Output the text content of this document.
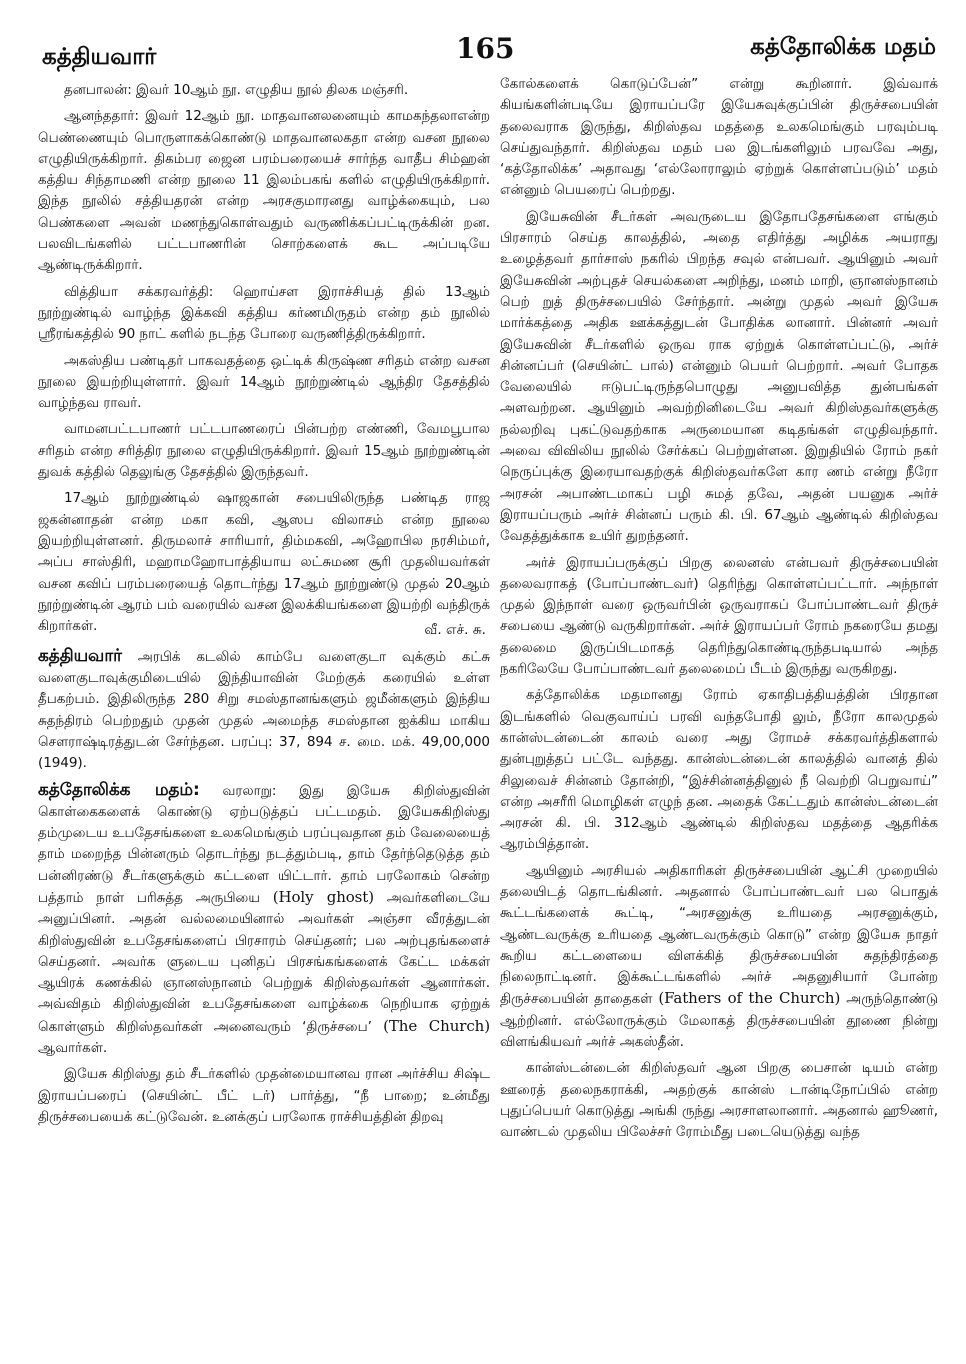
கத்தியவார்	165	கத்தோலிக்க மதம்

தனபாலன்: இவர் 10ஆம் நூ. எழுதிய நூல் திலக மஞ்சரி.

ஆனந்ததார்: இவர் 12ஆம் நூ. மாதவானலனையும் காமகந்தலாஎன்ற பெண்ணையும் பொருளாகக்கொண்டு மாதவானலகதா என்ற வசன நூலை எழுதியிருக்கிறார். திகம்பர ஜைன பரம்பரையைச் சார்ந்த வாதீப சிம்ஹன் கத்திய சிந்தாமணி என்ற நூலை 11 இலம்பகங் களில் எழுதியிருக்கிறார். இந்த நூலில் சத்தியதரன் என்ற அரசகுமாரனது வாழ்க்கையும், பல பெண்களை அவன் மணந்துகொள்வதும் வருணிக்கப்பட்டிருக்கின் றன. பலவிடங்களில் பட்டபாணரின் சொற்களைக் கூட அப்படியே ஆண்டிருக்கிறார்.

வித்தியா சக்கரவர்த்தி: ஹொய்சள இராச்சியத் தில் 13ஆம் நூற்றுண்டில் வாழ்ந்த இக்கவி கத்திய கர்ணமிருதம் என்ற தம் நூலில் ஸ்ரீரங்கத்தில் 90 நாட் களில் நடந்த போரை வருணித்திருக்கிறார்.

அகஸ்திய பண்டிதர் பாகவதத்தை ஒட்டிக் கிருஷ்ண சரிதம் என்ற வசன நூலை இயற்றியுள்ளார். இவர் 14ஆம் நூற்றுண்டில் ஆந்திர தேசத்தில் வாழ்ந்தவ ராவர்.

வாமனபட்டபாணர் பட்டபாணரைப் பின்பற்ற எண்ணி, வேமபூபால சரிதம் என்ற சரித்திர நூலை எழுதியிருக்கிறார். இவர் 15ஆம் நூற்றுண்டின் துவக் கத்தில் தெலுங்கு தேசத்தில் இருந்தவர்.

17ஆம் நூற்றுண்டில் ஷாஜகான் சபையிலிருந்த பண்டித ராஜ ஜகன்னாதன் என்ற மகா கவி, ஆஸப விலாசம் என்ற நூலை இயற்றியுள்ளனர். திருமலாச் சாரியார், திம்மகவி, அஹோபில நரசிம்மர், அப்ப சாஸ்திரி, மஹாமஹோபாத்தியாய லட்சுமண சூரி முதலியவர்கள் வசன கவிப் பரம்பரையைத் தொடர்ந்து 17ஆம் நூற்றுண்டு முதல் 20ஆம் நூற்றுண்டின் ஆரம் பம் வரையில் வசன இலக்கியங்களை இயற்றி வந்திருக் கிறார்கள்.	வீ. எச். சு.

கத்தியவார் அரபிக் கடலில் காம்பே வளைகுடா வுக்கும் கட்சு வளைகுடாவுக்குமிடையில் இந்தியாவின் மேற்குக் கரையில் உள்ள தீபகற்பம். இதிலிருந்த 280 சிறு சமஸ்தானங்களும் ஜமீன்களும் இந்திய சுதந்திரம் பெற்றதும் முதன் முதல் அமைந்த சமஸ்தான ஐக்கிய மாகிய சௌராஷ்டிரத்துடன் சேர்ந்தன. பரப்பு: 37, 894 ச. மை. மக். 49,00,000 (1949).

கத்தோலிக்க மதம்: வரலாறு: இது இயேசு கிறிஸ்துவின் கொள்கைகளைக் கொண்டு ஏற்படுத்தப் பட்டமதம். இயேசுகிறிஸ்து தம்முடைய உபதேசங்களை உலகமெங்கும் பரப்புவதான தம் வேலையைத் தாம் மறைந்த பின்னரும் தொடர்ந்து நடத்தும்படி, தாம் தேர்ந்தெடுத்த தம் பன்னிரண்டு சீடர்களுக்கும் கட்டளை யிட்டார். தாம் பரலோகம் சென்ற பத்தாம் நாள் பரிசுத்த அருபியை (Holy ghost) அவர்களிடையே அனுப்பினர். அதன் வல்லமையினால் அவர்கள் அஞ்சா வீரத்துடன் கிறிஸ்துவின் உபதேசங்களைப் பிரசாரம் செய்தனர்; பல அற்புதங்களைச் செய்தனர். அவர்க ளுடைய புனிதப் பிரசங்கங்களைக் கேட்ட மக்கள் ஆயிரக் கணக்கில் ஞானஸ்நானம் பெற்றுக் கிறிஸ்தவர்கள் ஆனார்கள். அவ்விதம் கிறிஸ்துவின் உபதேசங்களை வாழ்க்கை நெறியாக ஏற்றுக் கொள்ளும் கிறிஸ்தவர்கள் அனைவரும் ‘திருச்சபை’ (The Church) ஆவார்கள்.

இயேசு கிறிஸ்து தம் சீடர்களில் முதன்மையானவ ரான அர்ச்சிய சிஷ்ட இராயப்பரைப் (செயின்ட் பீட் டர்) பார்த்து, “நீ பாறை; உன்மீது திருச்சபையைக் கட்டுவேன். உனக்குப் பரலோக ராச்சியத்தின் திறவு

கோல்களைக் கொடுப்பேன்” என்று கூறினார். இவ்வாக் கியங்களின்படியே இராயப்பரே இயேசுவுக்குப்பின் திருச்சபையின் தலைவராக இருந்து, கிறிஸ்தவ மதத்தை உலகமெங்கும் பரவும்படி செய்துவந்தார். கிறிஸ்தவ மதம் பல இடங்களிலும் பரவவே அது, ‘கத்தோலிக்க’ அதாவது ‘எல்லோராலும் ஏற்றுக் கொள்ளப்படும்’ மதம் என்னும் பெயரைப் பெற்றது.

இயேசுவின் சீடர்கள் அவருடைய இதோபதேசங்களை எங்கும் பிரசாரம் செய்த காலத்தில், அதை எதிர்த்து அழிக்க அயராது உழைத்தவர் தார்சாஸ் நகரில் பிறந்த சவுல் என்பவர். ஆயினும் அவர் இயேசுவின் அற்புதச் செயல்களை அறிந்து, மனம் மாறி, ஞானஸ்நானம் பெற் றுத் திருச்சபையில் சேர்ந்தார். அன்று முதல் அவர் இயேசு மார்க்கத்தை அதிக ஊக்கத்துடன் போதிக்க லானார். பின்னர் அவர் இயேசுவின் சீடர்களில் ஒருவ ராக ஏற்றுக் கொள்ளப்பட்டு, அர்ச் சின்னப்பர் (செயின்ட் பால்) என்னும் பெயர் பெற்றார். அவர் போதக வேலையில் ஈடுபட்டிருந்தபொழுது அனுபவித்த துன்பங்கள் அளவற்றன. ஆயினும் அவற்றினிடையே அவர் கிறிஸ்தவர்களுக்கு நல்லறிவு புகட்டுவதற்காக அருமையான கடிதங்கள் எழுதிவந்தார். அவை விவிலிய நூலில் சேர்க்கப் பெற்றுள்ளன. இறுதியில் ரோம் நகர் நெருப்புக்கு இரையாவதற்குக் கிறிஸ்தவர்களே கார ணம் என்று நீரோ அரசன் அபாண்டமாகப் பழி சுமத் தவே, அதன் பயனுக அர்ச் இராயப்பரும் அர்ச் சின்னப் பரும் கி. பி. 67ஆம் ஆண்டில் கிறிஸ்தவ வேதத்துக்காக உயிர் துறந்தனர்.

அர்ச் இராயப்பருக்குப் பிறகு லைனஸ் என்பவர் திருச்சபையின் தலைவராகத் (போப்பாண்டவர்) தெரிந்து கொள்ளப்பட்டார். அந்நாள் முதல் இந்நாள் வரை ஒருவர்பின் ஒருவராகப் போப்பாண்டவர் திருச் சபையை ஆண்டு வருகிறார்கள். அர்ச் இராயப்பர் ரோம் நகரையே தமது தலைமை இருப்பிடமாகத் தெரிந்துகொண்டிருந்தபடியால் அந்த நகரிலேயே போப்பாண்டவர் தலைமைப் பீடம் இருந்து வருகிறது.

கத்தோலிக்க மதமானது ரோம் ஏகாதிபத்தியத்தின் பிரதான இடங்களில் வெகுவாய்ப் பரவி வந்தபோதி லும், நீரோ காலமுதல் கான்ஸ்டன்டைன் காலம் வரை அது ரோமச் சக்கரவர்த்திகளால் துன்புறுத்தப் பட்டே வந்தது. கான்ஸ்டன்டைன் காலத்தில் வானத் தில் சிலுவைச் சின்னம் தோன்றி, “இச்சின்னத்தினுல் நீ வெற்றி பெறுவாய்” என்ற அசரீரி மொழிகள் எழுந் தன. அதைக் கேட்டதும் கான்ஸ்டன்டைன் அரசன் கி. பி. 312ஆம் ஆண்டில் கிறிஸ்தவ மதத்தை ஆதரிக்க ஆரம்பித்தான்.

ஆயினும் அரசியல் அதிகாரிகள் திருச்சபையின் ஆட்சி முறையில் தலையிடத் தொடங்கினர். அதனால் போப்பாண்டவர் பல பொதுக் கூட்டங்களைக் கூட்டி, “அரசனுக்கு உரியதை அரசனுக்கும், ஆண்டவருக்கு உரியதை ஆண்டவருக்கும் கொடு” என்ற இயேசு நாதர் கூறிய கட்டளையை விளக்கித் திருச்சபையின் சுதந்திரத்தை நிலைநாட்டினர். இக்கூட்டங்களில் அர்ச் அதனுசியார் போன்ற திருச்சபையின் தாதைகள் (Fathers of the Church) அருந்தொண்டு ஆற்றினர். எல்லோருக்கும் மேலாகத் திருச்சபையின் தூணை நின்று விளங்கியவர் அர்ச் அகஸ்தீன்.

கான்ஸ்டன்டைன் கிறிஸ்தவர் ஆன பிறகு பைசான் டியம் என்ற ஊரைத் தலைநகராக்கி, அதற்குக் கான்ஸ் டான்டிநோப்பில் என்ற புதுப்பெயர் கொடுத்து அங்கி ருந்து அரசாளலானார். அதனால் ஹூணர், வாண்டல் முதலிய பிலேச்சர் ரோம்மீது படையெடுத்து வந்த
